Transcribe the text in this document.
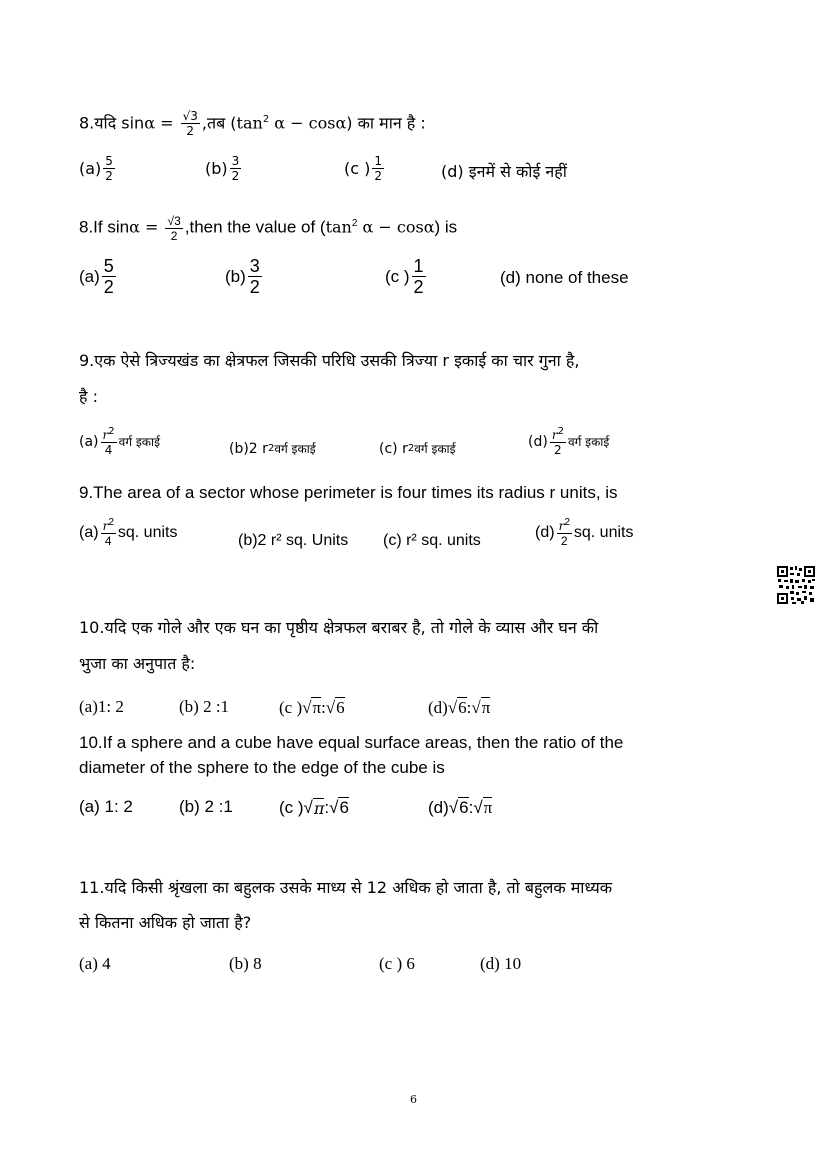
8.यदि $\sin\alpha = \frac{√3}{2}$ ,तब ($\tan^2$ α − cosα) का मान है :
$(a) \frac{5}{2}$	$(b) \frac{3}{2}$	(c ) $\frac{1}{2}$	(d) इनमें से कोई नहीं
8.If $\sin\alpha = \frac{√3}{2}$ ,then the value of ($\tan^2$ α − cosα) is
$(a) \frac{5}{2}$	$(b) \frac{3}{2}$	(c ) $\frac{1}{2}$	(d) none of these
9.एक ऐसे त्रिज्यखंड का क्षेत्रफल जिसकी परिधि उसकी त्रिज्या r इकाई का चार गुना है,
है :
$(a) \frac{r^2}{4}$ वर्ग इकाई	(b)2 r 2 वर्ग इकाई	(c) r 2 वर्ग इकाई	$(d) \frac{r^2}{2}$ वर्ग इकाई
9.The area of a sector whose perimeter is four times its radius r units, is
$(a) \frac{r^2}{4}$ sq. units	(b)2 r² sq. Units (c) r² sq. units	$(d) \frac{r^2}{2}$ sq. units
10.यदि एक गोले और एक घन का पृष्ठीय क्षेत्रफल बराबर है, तो गोले के व्यास और घन की
भुजा का अनुपात है:
(a)1: 2	(b) 2 :1	(c ) √ π : √ 6	(d) √ 6 : √ π
10.If a sphere and a cube have equal surface areas, then the ratio of the
diameter of the sphere to the edge of the cube is
(a) 1: 2	(b) 2 :1	(c ) √ π : √ 6	(d) √ 6 : √ π
11.यदि किसी श्रृंखला का बहुलक उसके माध्य से 12 अधिक हो जाता है, तो बहुलक माध्यक
से कितना अधिक हो जाता है?
(a) 4	(b) 8	(c ) 6	(d) 10
6
